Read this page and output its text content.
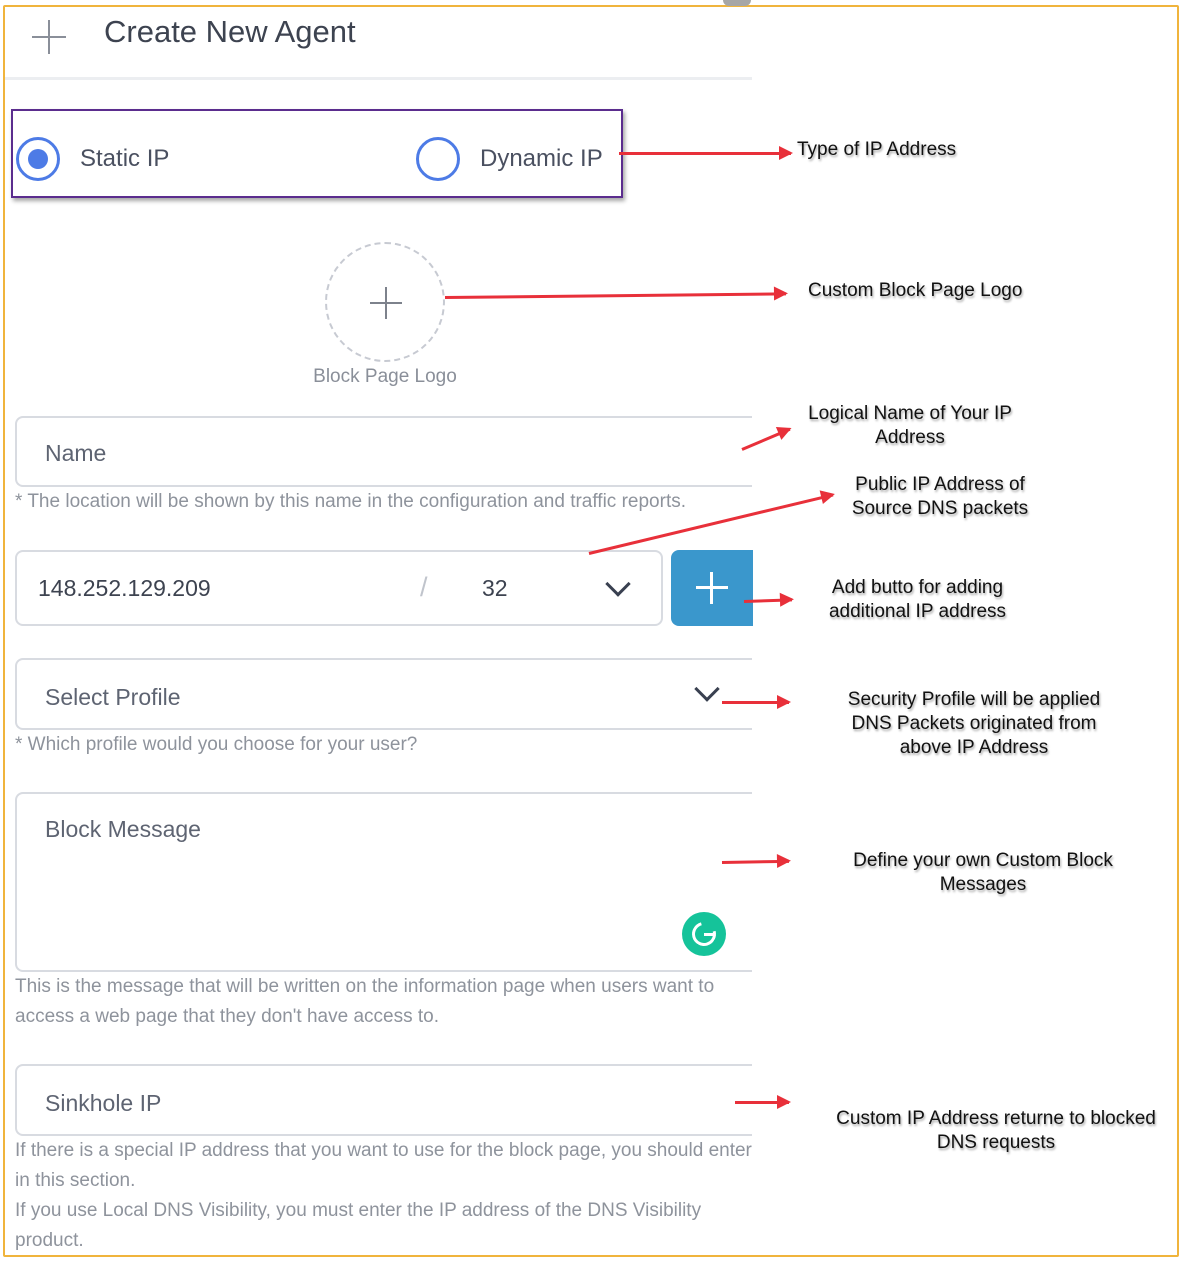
Create New Agent
Static IP	Dynamic IP
Block Page Logo
Name
* The location will be shown by this name in the configuration and traffic reports.
148.252.129.209	/ 32
Select Profile
* Which profile would you choose for your user?
Block Message
This is the message that will be written on the information page when users want to access a web page that they don't have access to.
Sinkhole IP
If there is a special IP address that you want to use for the block page, you should enter in this section.
If you use Local DNS Visibility, you must enter the IP address of the DNS Visibility product.
Type of IP Address
Custom Block Page Logo
Logical Name of Your IP
Address
Public IP Address of
Source DNS packets
Add butto for adding
additional IP address
Security Profile will be applied
DNS Packets originated from
above IP Address
Define your own Custom Block
Messages
Custom IP Address returne to blocked
DNS requests
